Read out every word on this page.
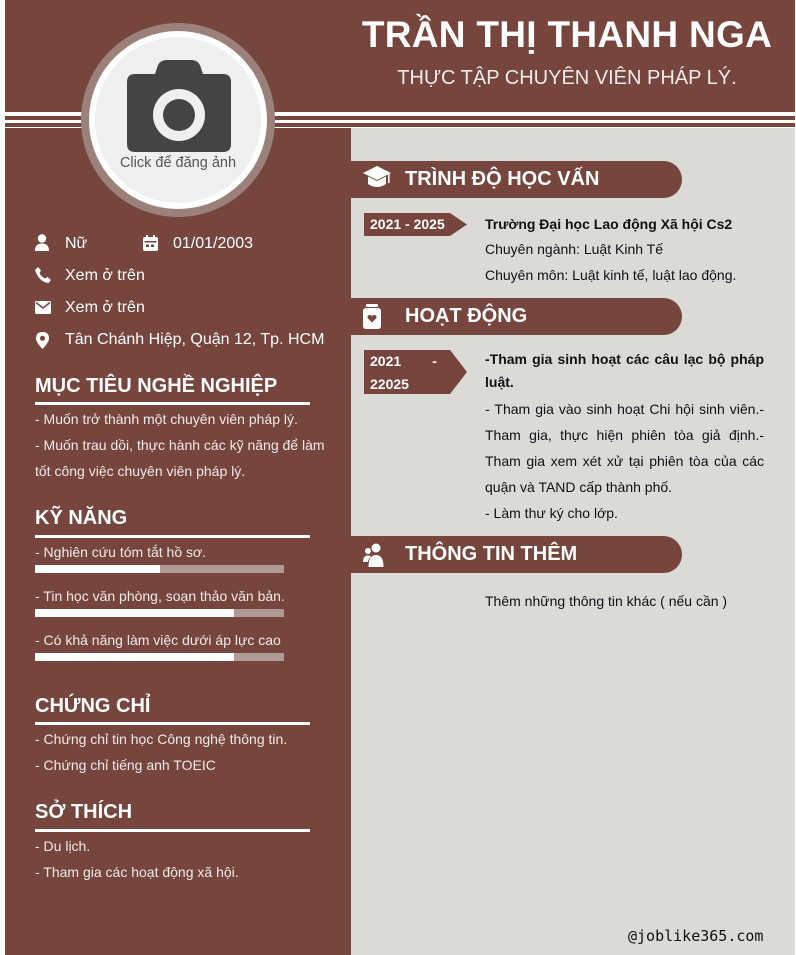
TRẦN THỊ THANH NGA
THỰC TẬP CHUYÊN VIÊN PHÁP LÝ.
Click để đăng ảnh
Nữ	01/01/2003
Xem ở trên
Xem ở trên
Tân Chánh Hiệp, Quận 12, Tp. HCM
MỤC TIÊU NGHỀ NGHIỆP
- Muốn trở thành một chuyên viên pháp lý.
- Muốn trau dồi, thực hành các kỹ năng để làm tốt công việc chuyên viên pháp lý.
KỸ NĂNG
- Nghiên cứu tóm tắt hồ sơ.
- Tin học văn phòng, soạn thảo văn bản.
- Có khả năng làm việc dưới áp lực cao
CHỨNG CHỈ
- Chứng chỉ tin học Công nghệ thông tin.
- Chứng chỉ tiếng anh TOEIC
SỞ THÍCH
- Du lịch.
- Tham gia các hoạt động xã hội.
TRÌNH ĐỘ HỌC VẤN
2021 - 2025	Trường Đại học Lao động Xã hội Cs2
Chuyên ngành: Luật Kinh Tế
Chuyên môn: Luật kinh tế, luật lao động.
HOẠT ĐỘNG
2021        -
22025
-Tham gia sinh hoạt các câu lạc bộ pháp luật.
- Tham gia vào sinh hoạt Chi hội sinh viên.- Tham gia, thực hiện phiên tòa giả định.- Tham gia xem xét xử tại phiên tòa của các quận và TAND cấp thành phố.
- Làm thư ký cho lớp.
THÔNG TIN THÊM
Thêm những thông tin khác ( nếu cần )
@joblike365.com
